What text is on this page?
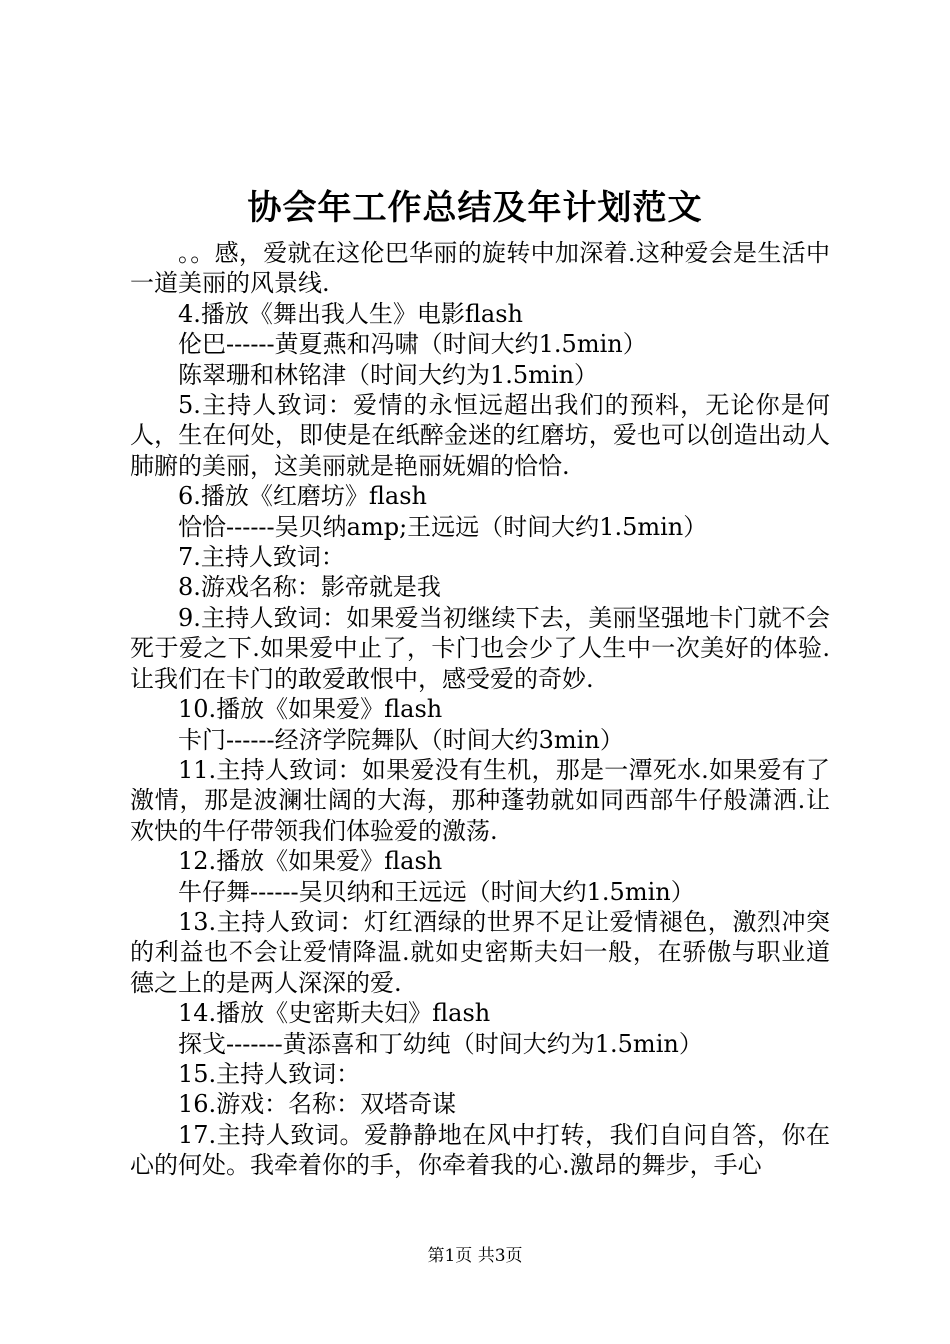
协会年工作总结及年计划范文

。。感，爱就在这伦巴华丽的旋转中加深着.这种爱会是生活中一道美丽的风景线.

4.播放《舞出我人生》电影flash

伦巴------黄夏燕和冯啸（时间大约1.5min）

陈翠珊和林铭津（时间大约为1.5min）

5.主持人致词：爱情的永恒远超出我们的预料，无论你是何人，生在何处，即使是在纸醉金迷的红磨坊，爱也可以创造出动人肺腑的美丽，这美丽就是艳丽妩媚的恰恰.

6.播放《红磨坊》flash

恰恰------吴贝纳amp;王远远（时间大约1.5min）

7.主持人致词：

8.游戏名称：影帝就是我

9.主持人致词：如果爱当初继续下去，美丽坚强地卡门就不会死于爱之下.如果爱中止了，卡门也会少了人生中一次美好的体验.让我们在卡门的敢爱敢恨中，感受爱的奇妙.

10.播放《如果爱》flash

卡门------经济学院舞队（时间大约3min）

11.主持人致词：如果爱没有生机，那是一潭死水.如果爱有了激情，那是波澜壮阔的大海，那种蓬勃就如同西部牛仔般潇洒.让欢快的牛仔带领我们体验爱的激荡.

12.播放《如果爱》flash

牛仔舞------吴贝纳和王远远（时间大约1.5min）

13.主持人致词：灯红酒绿的世界不足让爱情褪色，激烈冲突的利益也不会让爱情降温.就如史密斯夫妇一般，在骄傲与职业道德之上的是两人深深的爱.

14.播放《史密斯夫妇》flash

探戈-------黄添喜和丁幼纯（时间大约为1.5min）

15.主持人致词：

16.游戏：名称：双塔奇谋

17.主持人致词。爱静静地在风中打转，我们自问自答，你在心的何处。我牵着你的手，你牵着我的心.激昂的舞步，手心

第1页 共3页
